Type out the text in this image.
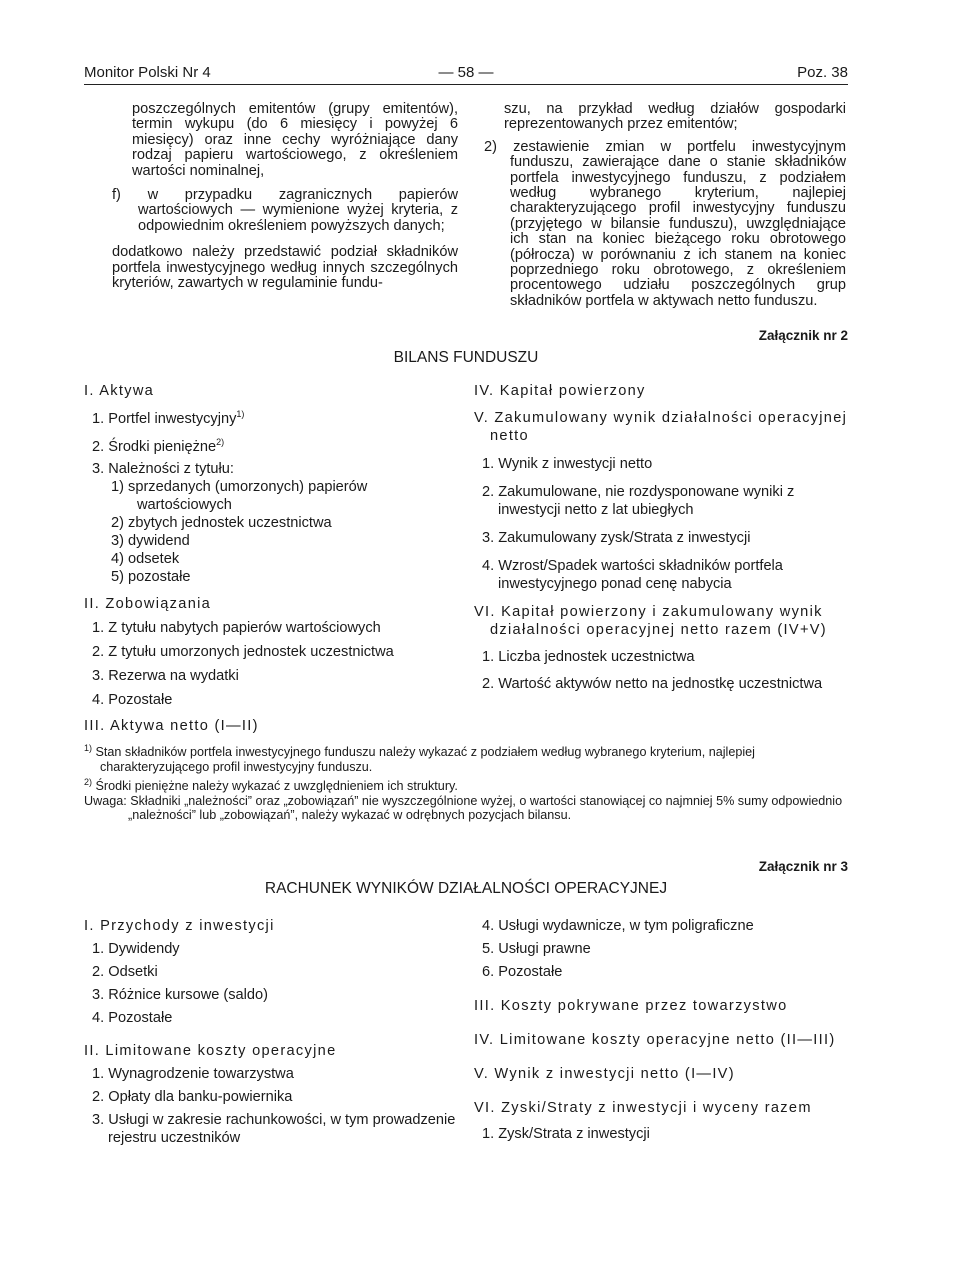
Monitor Polski Nr 4	— 58 —	Poz. 38

poszczególnych emitentów (grupy emitentów), termin wykupu (do 6 miesięcy i powyżej 6 miesięcy) oraz inne cechy wyróżniające dany rodzaj papieru wartościowego, z określeniem wartości nominalnej,

f) w przypadku zagranicznych papierów wartościowych — wymienione wyżej kryteria, z odpowiednim określeniem powyższych danych;

dodatkowo należy przedstawić podział składników portfela inwestycyjnego według innych szczególnych kryteriów, zawartych w regulaminie fundu-

szu, na przykład według działów gospodarki reprezentowanych przez emitentów;

2) zestawienie zmian w portfelu inwestycyjnym funduszu, zawierające dane o stanie składników portfela inwestycyjnego funduszu, z podziałem według wybranego kryterium, najlepiej charakteryzującego profil inwestycyjny funduszu (przyjętego w bilansie funduszu), uwzględniające ich stan na koniec bieżącego roku obrotowego (półrocza) w porównaniu z ich stanem na koniec poprzedniego roku obrotowego, z określeniem procentowego udziału poszczególnych grup składników portfela w aktywach netto funduszu.

Załącznik nr 2
BILANS FUNDUSZU

I. Aktywa

1. Portfel inwestycyjny$^{1)}$

2. Środki pieniężne$^{2)}$

3. Należności z tytułu:

1) sprzedanych (umorzonych) papierów wartościowych

2) zbytych jednostek uczestnictwa

3) dywidend

4) odsetek

5) pozostałe

II. Zobowiązania

1. Z tytułu nabytych papierów wartościowych

2. Z tytułu umorzonych jednostek uczestnictwa

3. Rezerwa na wydatki

4. Pozostałe

III. Aktywa netto (I—II)

IV. Kapitał powierzony

V. Zakumulowany wynik działalności operacyjnej netto

1. Wynik z inwestycji netto

2. Zakumulowane, nie rozdysponowane wyniki z inwestycji netto z lat ubiegłych

3. Zakumulowany zysk/Strata z inwestycji

4. Wzrost/Spadek wartości składników portfela inwestycyjnego ponad cenę nabycia

VI. Kapitał powierzony i zakumulowany wynik działalności operacyjnej netto razem (IV+V)

1. Liczba jednostek uczestnictwa

2. Wartość aktywów netto na jednostkę uczestnictwa

$^{1)}$ Stan składników portfela inwestycyjnego funduszu należy wykazać z podziałem według wybranego kryterium, najlepiej charakteryzującego profil inwestycyjny funduszu.

$^{2)}$ Środki pieniężne należy wykazać z uwzględnieniem ich struktury.

Uwaga: Składniki „należności” oraz „zobowiązań” nie wyszczególnione wyżej, o wartości stanowiącej co najmniej 5% sumy odpowiednio „należności” lub „zobowiązań”, należy wykazać w odrębnych pozycjach bilansu.

Załącznik nr 3
RACHUNEK WYNIKÓW DZIAŁALNOŚCI OPERACYJNEJ

I. Przychody z inwestycji

1. Dywidendy

2. Odsetki

3. Różnice kursowe (saldo)

4. Pozostałe

II. Limitowane koszty operacyjne

1. Wynagrodzenie towarzystwa

2. Opłaty dla banku-powiernika

3. Usługi w zakresie rachunkowości, w tym prowadzenie rejestru uczestników

4. Usługi wydawnicze, w tym poligraficzne

5. Usługi prawne

6. Pozostałe

III. Koszty pokrywane przez towarzystwo

IV. Limitowane koszty operacyjne netto (II—III)

V. Wynik z inwestycji netto (I—IV)

VI. Zyski/Straty z inwestycji i wyceny razem

1. Zysk/Strata z inwestycji
